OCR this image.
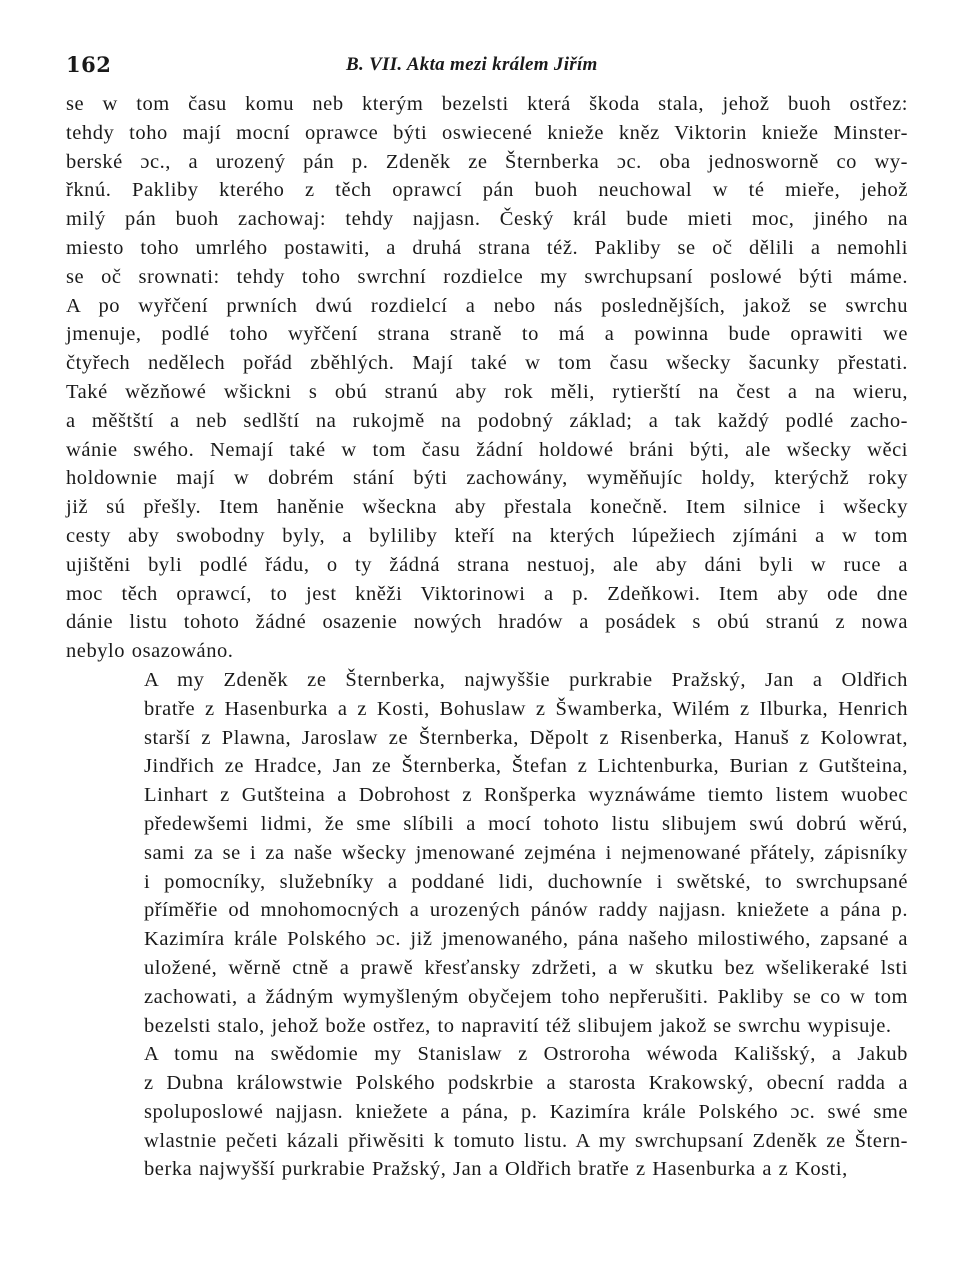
162	B. VII. Akta mezi králem Jiřím

se w tom času komu neb kterým bezelsti která škoda stala, jehož buoh ostřez:
tehdy toho mají mocní oprawce býti oswiecené knieže kněz Viktorin knieže Minster-
berské ɔc., a urozený pán p. Zdeněk ze Šternberka ɔc. oba jednosworně co wy-
řknú. Pakliby kterého z těch oprawcí pán buoh neuchowal w té mieře, jehož
milý pán buoh zachowaj: tehdy najjasn. Český král bude mieti moc, jiného na
miesto toho umrlého postawiti, a druhá strana též. Pakliby se oč dělili a nemohli
se oč srownati: tehdy toho swrchní rozdielce my swrchupsaní poslowé býti máme.
A po wyřčení prwních dwú rozdielcí a nebo nás poslednějších, jakož se swrchu
jmenuje, podlé toho wyřčení strana straně to má a powinna bude oprawiti we
čtyřech nedělech pořád zběhlých. Mají také w tom času wšecky šacunky přestati.
Také wězňowé wšickni s obú stranú aby rok měli, rytierští na čest a na wieru,
a měštští a neb sedlští na rukojmě na podobný základ; a tak každý podlé zacho-
wánie swého. Nemají také w tom času žádní holdowé bráni býti, ale wšecky wěci
holdownie mají w dobrém stání býti zachowány, wyměňujíc holdy, kterýchž roky
již sú přešly. Item haněnie wšeckna aby přestala konečně. Item silnice i wšecky
cesty aby swobodny byly, a byliliby kteří na kterých lúpežiech zjímáni a w tom
ujištěni byli podlé řádu, o ty žádná strana nestuoj, ale aby dáni byli w ruce a
moc těch oprawcí, to jest kněži Viktorinowi a p. Zdeňkowi. Item aby ode dne
dánie listu tohoto žádné osazenie nowých hradów a posádek s obú stranú z nowa
nebylo osazowáno.

A my Zdeněk ze Šternberka, najwyššie purkrabie Pražský, Jan a Oldřich
bratře z Hasenburka a z Kosti, Bohuslaw z Šwamberka, Wilém z Ilburka, Henrich
starší z Plawna, Jaroslaw ze Šternberka, Děpolt z Risenberka, Hanuš z Kolowrat,
Jindřich ze Hradce, Jan ze Šternberka, Štefan z Lichtenburka, Burian z Gutšteina,
Linhart z Gutšteina a Dobrohost z Ronšperka wyznáwáme tiemto listem wuobec
předewšemi lidmi, že sme slíbili a mocí tohoto listu slibujem swú dobrú wěrú,
sami za se i za naše wšecky jmenowané zejména i nejmenowané přátely, zápisníky
i pomocníky, služebníky a poddané lidi, duchowníe i swětské, to swrchupsané
příměřie od mnohomocných a urozených pánów raddy najjasn. kniežete a pána p.
Kazimíra krále Polského ɔc. již jmenowaného, pána našeho milostiwého, zapsané a
uložené, wěrně ctně a prawě křesťansky zdržeti, a w skutku bez wšelikeraké lsti
zachowati, a žádným wymyšleným obyčejem toho nepřerušiti. Pakliby se co w tom
bezelsti stalo, jehož bože ostřez, to napravití též slibujem jakož se swrchu wypisuje.

A tomu na swědomie my Stanislaw z Ostroroha wéwoda Kališský, a Jakub
z Dubna králowstwie Polského podskrbie a starosta Krakowský, obecní radda a
spoluposlowé najjasn. kniežete a pána, p. Kazimíra krále Polského ɔc. swé sme
wlastnie pečeti kázali přiwěsiti k tomuto listu. A my swrchupsaní Zdeněk ze Štern-
berka najwyšší purkrabie Pražský, Jan a Oldřich bratře z Hasenburka a z Kosti,
